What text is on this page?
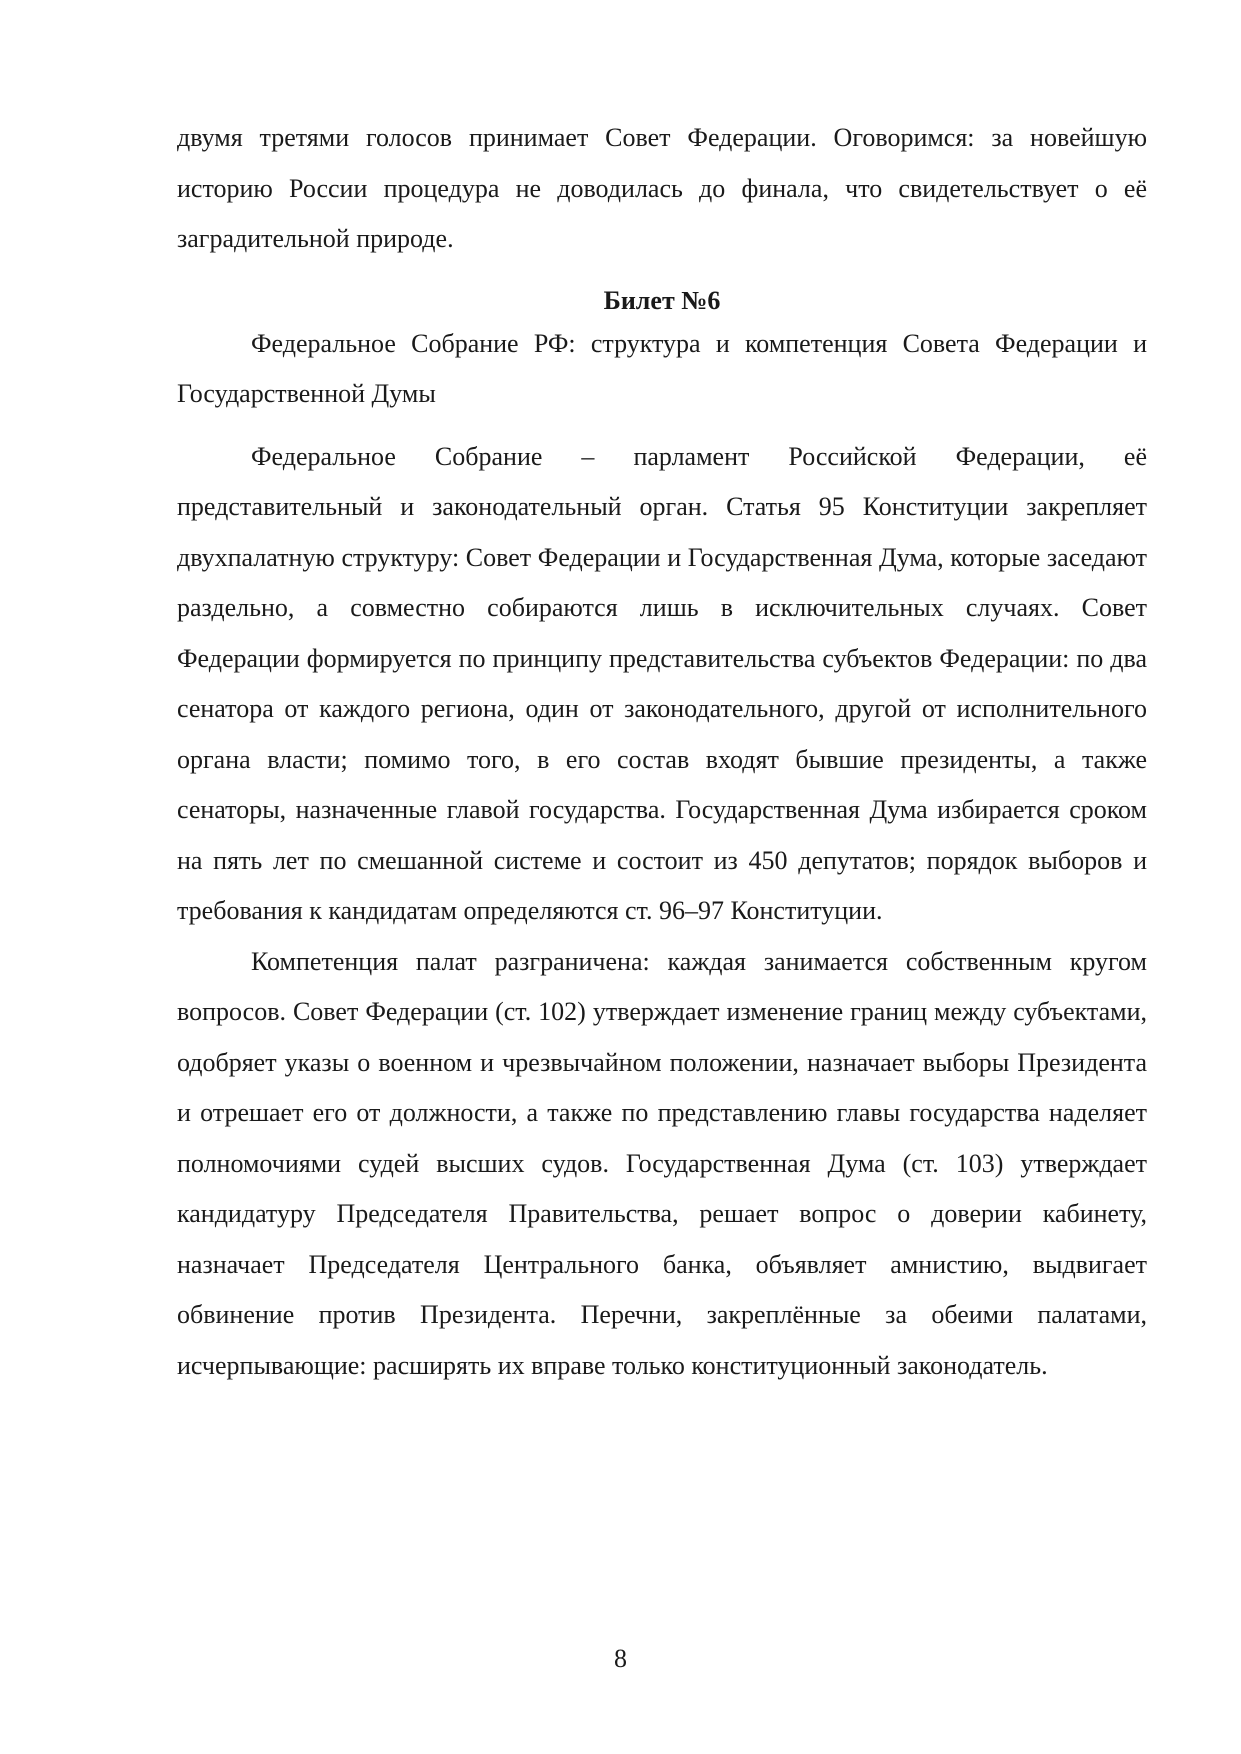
двумя третями голосов принимает Совет Федерации. Оговоримся: за новейшую историю России процедура не доводилась до финала, что свидетельствует о её заградительной природе.

Билет №6

Федеральное Собрание РФ: структура и компетенция Совета Федерации и Государственной Думы

Федеральное Собрание – парламент Российской Федерации, её представительный и законодательный орган. Статья 95 Конституции закрепляет двухпалатную структуру: Совет Федерации и Государственная Дума, которые заседают раздельно, а совместно собираются лишь в исключительных случаях. Совет Федерации формируется по принципу представительства субъектов Федерации: по два сенатора от каждого региона, один от законодательного, другой от исполнительного органа власти; помимо того, в его состав входят бывшие президенты, а также сенаторы, назначенные главой государства. Государственная Дума избирается сроком на пять лет по смешанной системе и состоит из 450 депутатов; порядок выборов и требования к кандидатам определяются ст. 96–97 Конституции.

Компетенция палат разграничена: каждая занимается собственным кругом вопросов. Совет Федерации (ст. 102) утверждает изменение границ между субъектами, одобряет указы о военном и чрезвычайном положении, назначает выборы Президента и отрешает его от должности, а также по представлению главы государства наделяет полномочиями судей высших судов. Государственная Дума (ст. 103) утверждает кандидатуру Председателя Правительства, решает вопрос о доверии кабинету, назначает Председателя Центрального банка, объявляет амнистию, выдвигает обвинение против Президента. Перечни, закреплённые за обеими палатами, исчерпывающие: расширять их вправе только конституционный законодатель.

8
